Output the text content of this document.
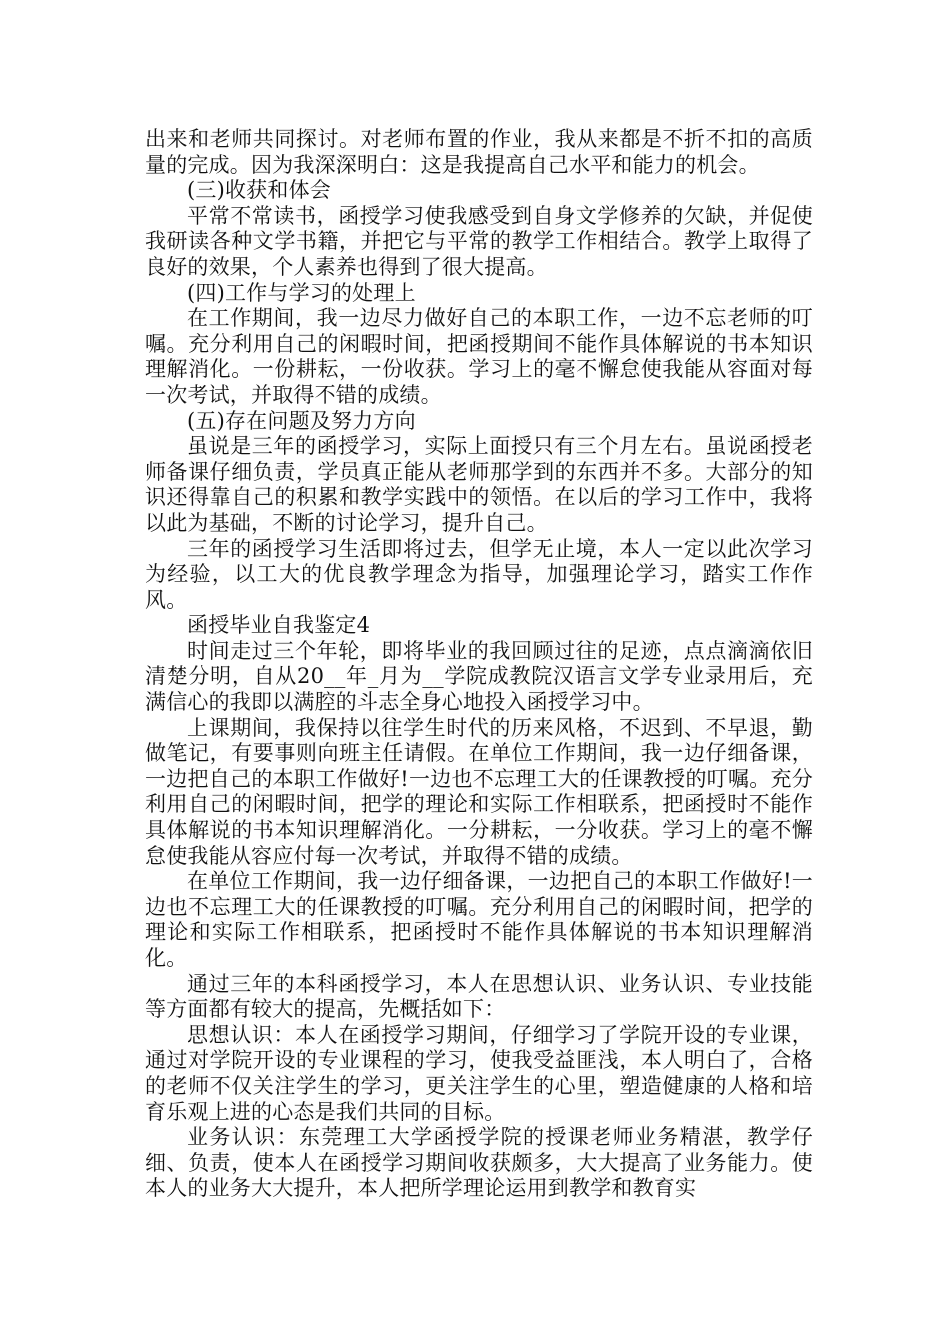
出来和老师共同探讨。对老师布置的作业，我从来都是不折不扣的高质量的完成。因为我深深明白：这是我提高自己水平和能力的机会。

(三)收获和体会

平常不常读书，函授学习使我感受到自身文学修养的欠缺，并促使我研读各种文学书籍，并把它与平常的教学工作相结合。教学上取得了良好的效果，个人素养也得到了很大提高。

(四)工作与学习的处理上

在工作期间，我一边尽力做好自己的本职工作，一边不忘老师的叮嘱。充分利用自己的闲暇时间，把函授期间不能作具体解说的书本知识理解消化。一份耕耘，一份收获。学习上的毫不懈怠使我能从容面对每一次考试，并取得不错的成绩。

(五)存在问题及努力方向

虽说是三年的函授学习，实际上面授只有三个月左右。虽说函授老师备课仔细负责，学员真正能从老师那学到的东西并不多。大部分的知识还得靠自己的积累和教学实践中的领悟。在以后的学习工作中，我将以此为基础，不断的讨论学习，提升自己。

三年的函授学习生活即将过去，但学无止境，本人一定以此次学习为经验，以工大的优良教学理念为指导，加强理论学习，踏实工作作风。

函授毕业自我鉴定4

时间走过三个年轮，即将毕业的我回顾过往的足迹，点点滴滴依旧清楚分明，自从20__年_月为__学院成教院汉语言文学专业录用后，充满信心的我即以满腔的斗志全身心地投入函授学习中。

上课期间，我保持以往学生时代的历来风格，不迟到、不早退，勤做笔记，有要事则向班主任请假。在单位工作期间，我一边仔细备课，一边把自己的本职工作做好!一边也不忘理工大的任课教授的叮嘱。充分利用自己的闲暇时间，把学的理论和实际工作相联系，把函授时不能作具体解说的书本知识理解消化。一分耕耘，一分收获。学习上的毫不懈怠使我能从容应付每一次考试，并取得不错的成绩。

在单位工作期间，我一边仔细备课，一边把自己的本职工作做好!一边也不忘理工大的任课教授的叮嘱。充分利用自己的闲暇时间，把学的理论和实际工作相联系，把函授时不能作具体解说的书本知识理解消化。

通过三年的本科函授学习，本人在思想认识、业务认识、专业技能等方面都有较大的提高，先概括如下：

思想认识：本人在函授学习期间，仔细学习了学院开设的专业课，通过对学院开设的专业课程的学习，使我受益匪浅，本人明白了，合格的老师不仅关注学生的学习，更关注学生的心里，塑造健康的人格和培育乐观上进的心态是我们共同的目标。

业务认识：东莞理工大学函授学院的授课老师业务精湛，教学仔细、负责，使本人在函授学习期间收获颇多，大大提高了业务能力。使本人的业务大大提升，本人把所学理论运用到教学和教育实
